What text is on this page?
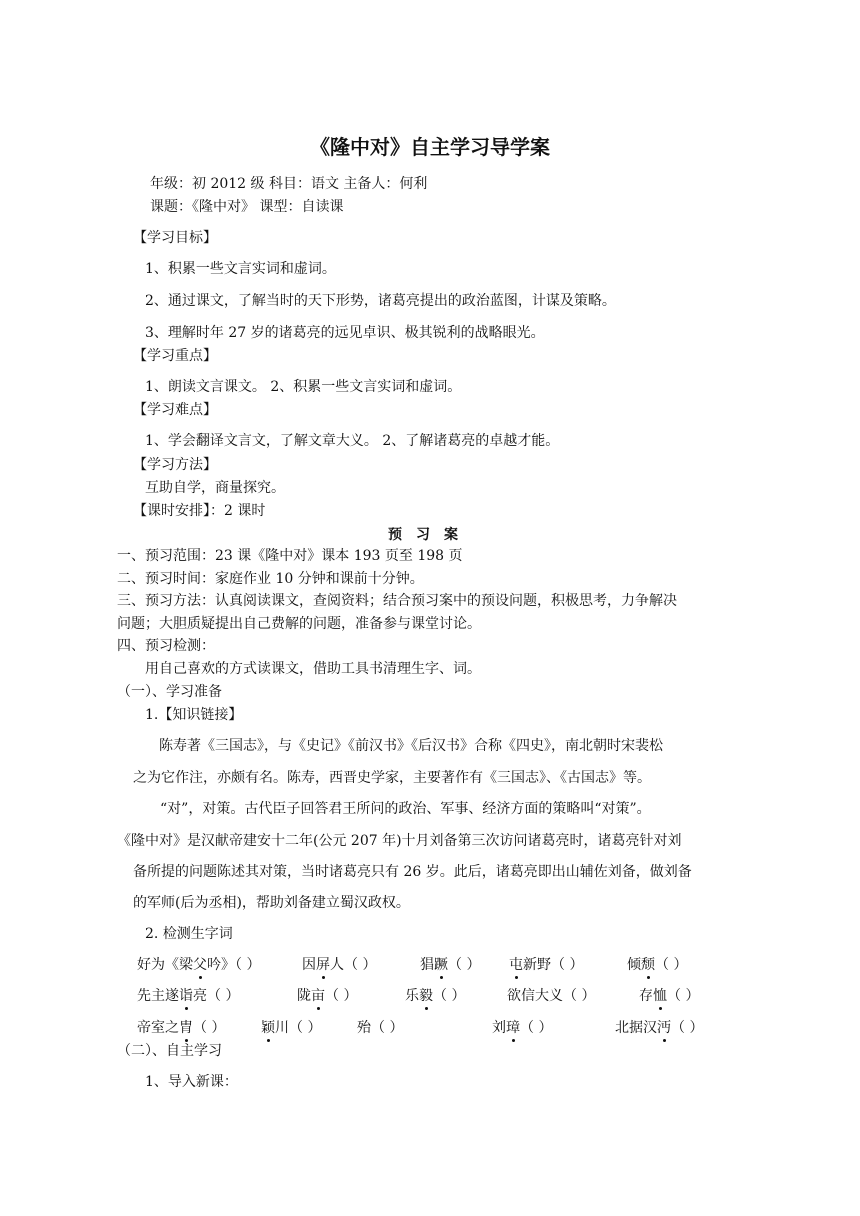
《隆中对》自主学习导学案
年级：初 2012 级 科目：语文 主备人：何利
课题：《隆中对》 课型：自读课
【学习目标】
1、积累一些文言实词和虚词。
2、通过课文，了解当时的天下形势，诸葛亮提出的政治蓝图，计谋及策略。
3、理解时年 27 岁的诸葛亮的远见卓识、极其锐利的战略眼光。
【学习重点】
1、朗读文言课文。 2、积累一些文言实词和虚词。
【学习难点】
1、学会翻译文言文，了解文章大义。 2、了解诸葛亮的卓越才能。
【学习方法】
互助自学，商量探究。
【课时安排】：2 课时
预习案
一、预习范围：23 课《隆中对》课本 193 页至 198 页
二、预习时间：家庭作业 10 分钟和课前十分钟。
三、预习方法：认真阅读课文，查阅资料；结合预习案中的预设问题，积极思考，力争解决
问题；大胆质疑提出自己费解的问题，准备参与课堂讨论。
四、预习检测：
用自己喜欢的方式读课文，借助工具书清理生字、词。
（一）、学习准备
1.【知识链接】
陈寿著《三国志》，与《史记》《前汉书》《后汉书》合称《四史》，南北朝时宋裴松
之为它作注，亦颇有名。陈寿，西晋史学家，主要著作有《三国志》、《古国志》等。
“对”，对策。古代臣子回答君王所问的政治、军事、经济方面的策略叫“对策”。
《隆中对》是汉献帝建安十二年(公元 207 年)十月刘备第三次访问诸葛亮时，诸葛亮针对刘
备所提的问题陈述其对策，当时诸葛亮只有 26 岁。此后，诸葛亮即出山辅佐刘备，做刘备
的军师(后为丞相)，帮助刘备建立蜀汉政权。
2. 检测生字词
好为《梁父吟》（ ）	因屏人（ ）	猖蹶（ ） 屯新野（ ）	倾颓（ ）
先主遂诣亮（ ）	陇亩（ ）	乐毅（ ）	欲信大义（ ）	存恤（ ）
帝室之胄（ ）	颖川（ ）	殆（ ）	刘璋（ ）	北据汉沔（ ）
（二）、自主学习
1、导入新课：
